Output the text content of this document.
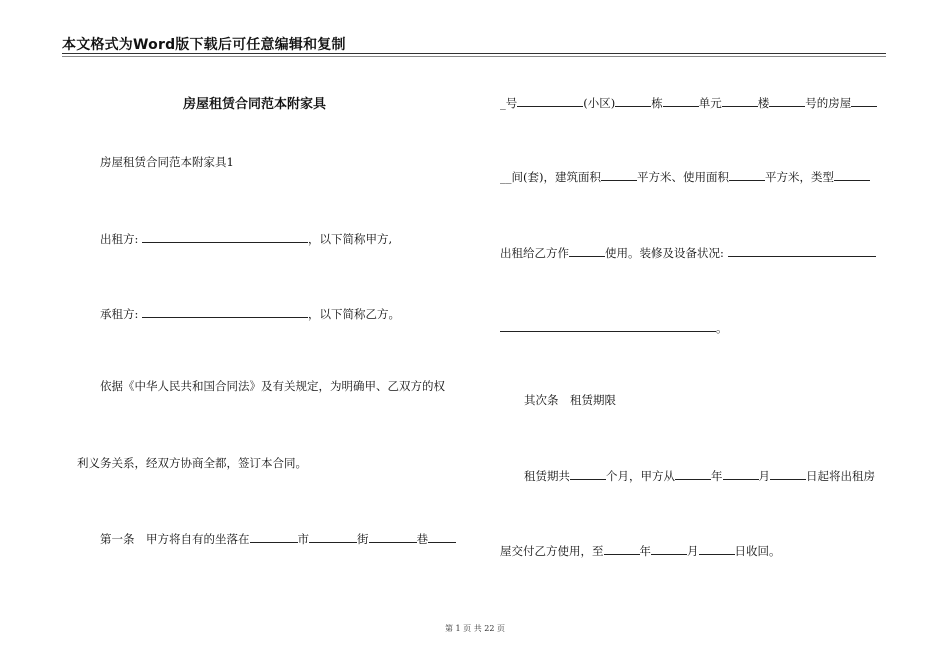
本文格式为Word版下载后可任意编辑和复制
房屋租赁合同范本附家具
房屋租赁合同范本附家具1
出租方:	，以下简称甲方,
承租方:	，以下简称乙方。
依据《中华人民共和国合同法》及有关规定，为明确甲、乙双方的权
利义务关系，经双方协商全都，签订本合同。
第一条　甲方将自有的坐落在	市	街	巷
_号	(小区)	栋	单元	楼	号的房屋
__间(套)，建筑面积	平方米、使用面积	平方米，类型
出租给乙方作	使用。装修及设备状况:
。
其次条　租赁期限
租赁期共	个月，甲方从	年	月	日起将出租房
屋交付乙方使用，至	年	月	日收回。
第 1 页 共 22 页
